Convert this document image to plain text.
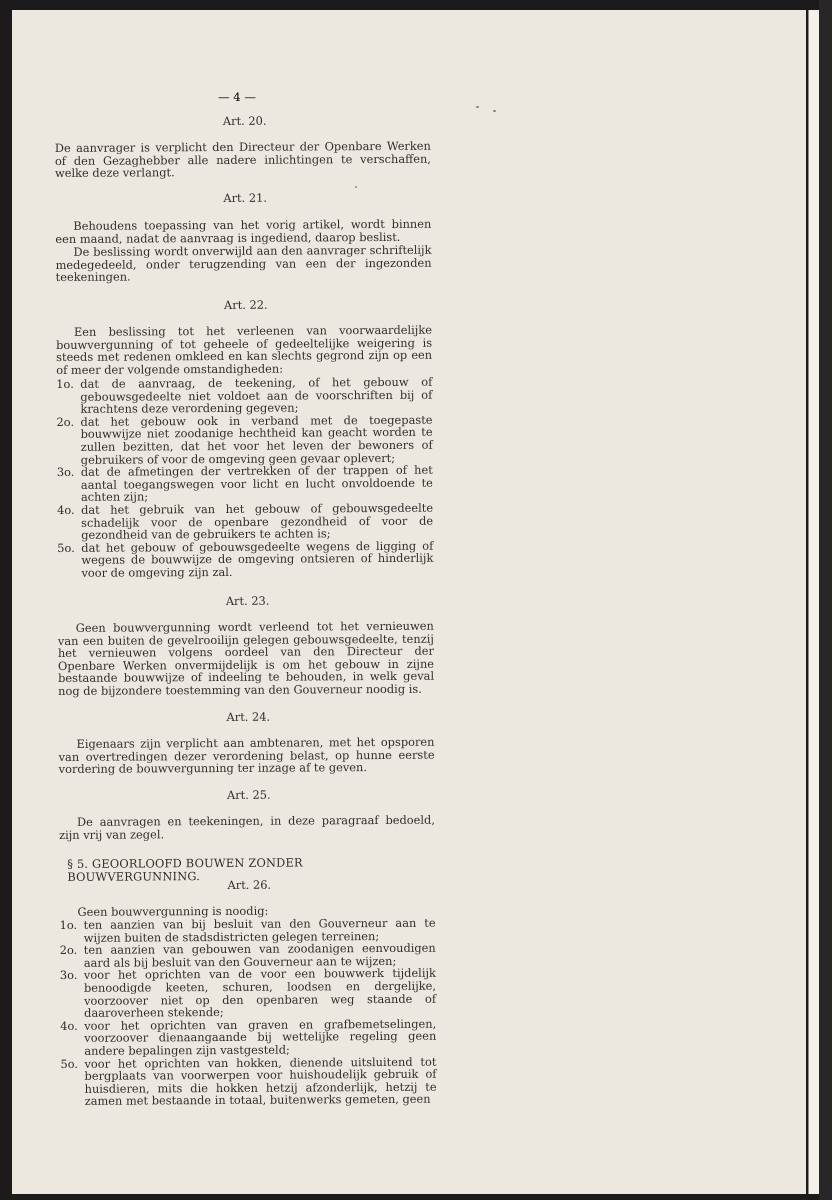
— 4 —
Art. 20.
De aanvrager is verplicht den Directeur der Openbare Werken of den Gezaghebber alle nadere inlichtingen te verschaffen, welke deze verlangt.
Art. 21.
Behoudens toepassing van het vorig artikel, wordt binnen een maand, nadat de aanvraag is ingediend, daarop beslist.
De beslissing wordt onverwijld aan den aanvrager schriftelijk medegedeeld, onder terugzending van een der ingezonden teekeningen.
Art. 22.
Een beslissing tot het verleenen van voorwaardelijke bouwvergunning of tot geheele of gedeeltelijke weigering is steeds met redenen omkleed en kan slechts gegrond zijn op een of meer der volgende omstandigheden:
1o. dat de aanvraag, de teekening, of het gebouw of gebouwsgedeelte niet voldoet aan de voorschriften bij of krachtens deze verordening gegeven;
2o. dat het gebouw ook in verband met de toegepaste bouwwijze niet zoodanige hechtheid kan geacht worden te zullen bezitten, dat het voor het leven der bewoners of gebruikers of voor de omgeving geen gevaar oplevert;
3o. dat de afmetingen der vertrekken of der trappen of het aantal toegangswegen voor licht en lucht onvoldoende te achten zijn;
4o. dat het gebruik van het gebouw of gebouwsgedeelte schadelijk voor de openbare gezondheid of voor de gezondheid van de gebruikers te achten is;
5o. dat het gebouw of gebouwsgedeelte wegens de ligging of wegens de bouwwijze de omgeving ontsieren of hinderlijk voor de omgeving zijn zal.
Art. 23.
Geen bouwvergunning wordt verleend tot het vernieuwen van een buiten de gevelrooilijn gelegen gebouwsgedeelte, tenzij het vernieuwen volgens oordeel van den Directeur der Openbare Werken onvermijdelijk is om het gebouw in zijne bestaande bouwwijze of indeeling te behouden, in welk geval nog de bijzondere toestemming van den Gouverneur noodig is.
Art. 24.
Eigenaars zijn verplicht aan ambtenaren, met het opsporen van overtredingen dezer verordening belast, op hunne eerste vordering de bouwvergunning ter inzage af te geven.
Art. 25.
De aanvragen en teekeningen, in deze paragraaf bedoeld, zijn vrij van zegel.
§ 5. GEOORLOOFD BOUWEN ZONDER BOUWVERGUNNING.
Art. 26.
Geen bouwvergunning is noodig:
1o. ten aanzien van bij besluit van den Gouverneur aan te wijzen buiten de stadsdistricten gelegen terreinen;
2o. ten aanzien van gebouwen van zoodanigen eenvoudigen aard als bij besluit van den Gouverneur aan te wijzen;
3o. voor het oprichten van de voor een bouwwerk tijdelijk benoodigde keeten, schuren, loodsen en dergelijke, voorzoover niet op den openbaren weg staande of daaroverheen stekende;
4o. voor het oprichten van graven en grafbemetselingen, voorzoover dienaangaande bij wettelijke regeling geen andere bepalingen zijn vastgesteld;
5o. voor het oprichten van hokken, dienende uitsluitend tot bergplaats van voorwerpen voor huishoudelijk gebruik of huisdieren, mits die hokken hetzij afzonderlijk, hetzij te zamen met bestaande in totaal, buitenwerks gemeten, geen
